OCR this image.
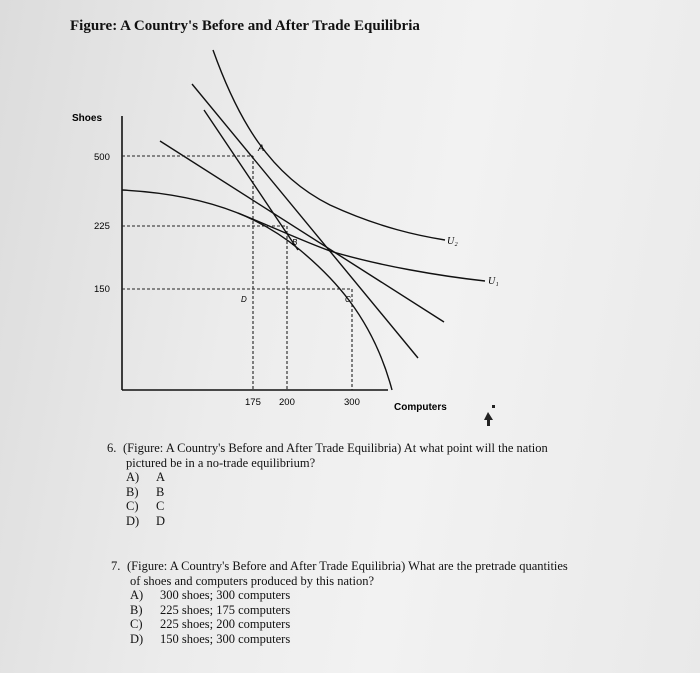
Figure: A Country's Before and After Trade Equilibria
Shoes
Computers
500
225
150
175 200	300
A
B
C
D
U₂
U₁
6. (Figure: A Country's Before and After Trade Equilibria) At what point will the nation
pictured be in a no-trade equilibrium?
A) A
B) B
C) C
D) D
7. (Figure: A Country's Before and After Trade Equilibria) What are the pretrade quantities
of shoes and computers produced by this nation?
A) 300 shoes; 300 computers
B) 225 shoes; 175 computers
C) 225 shoes; 200 computers
D) 150 shoes; 300 computers
